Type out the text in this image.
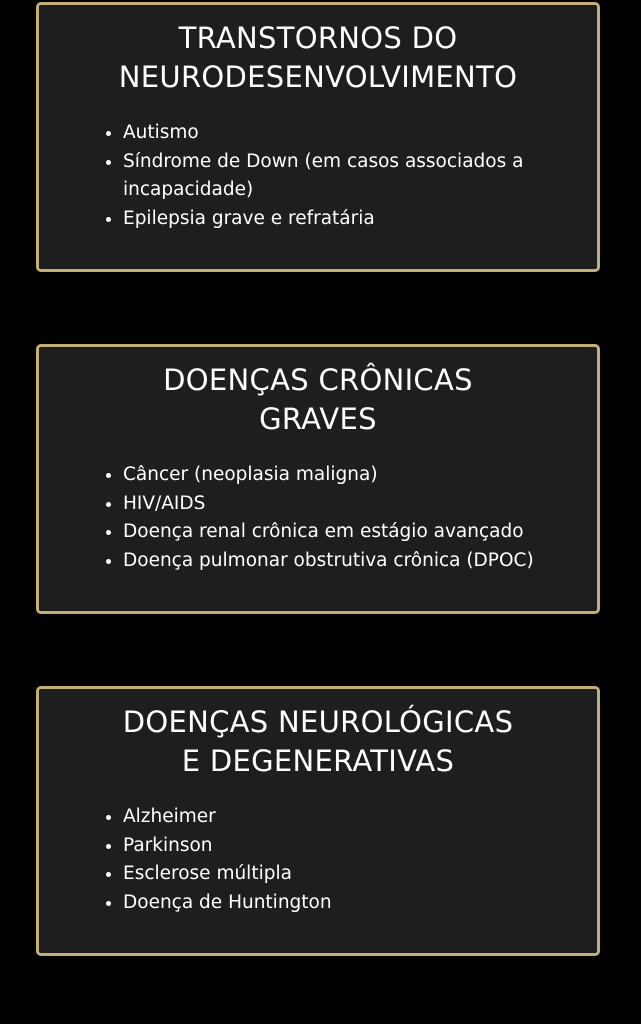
TRANSTORNOS DO
NEURODESENVOLVIMENTO
• Autismo
• Síndrome de Down (em casos associados a incapacidade)
• Epilepsia grave e refratária
DOENÇAS CRÔNICAS
GRAVES
• Câncer (neoplasia maligna)
• HIV/AIDS
• Doença renal crônica em estágio avançado
• Doença pulmonar obstrutiva crônica (DPOC)
DOENÇAS NEUROLÓGICAS
E DEGENERATIVAS
• Alzheimer
• Parkinson
• Esclerose múltipla
• Doença de Huntington
